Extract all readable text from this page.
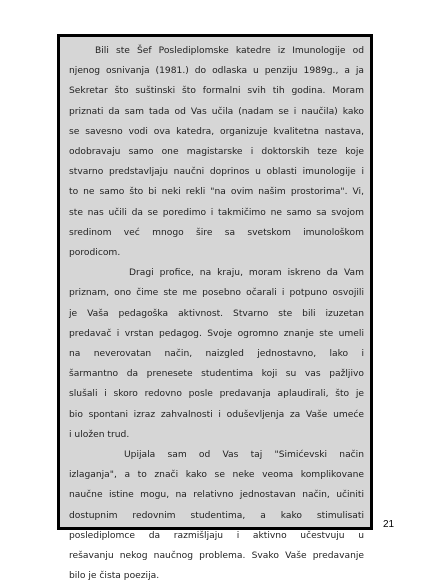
Bili ste Šef Poslediplomske katedre iz Imunologije od
njenog osnivanja (1981.) do odlaska u penziju 1989g., a ja
Sekretar što suštinski što formalni svih tih godina. Moram
priznati da sam tada od Vas učila (nadam se i naučila) kako
se savesno vodi ova katedra, organizuje kvalitetna nastava,
odobravaju samo one magistarske i doktorskih teze koje
stvarno predstavljaju naučni doprinos u oblasti imunologije i
to ne samo što bi neki rekli "na ovim našim prostorima". Vi,
ste nas učili da se poredimo i takmičimo ne samo sa svojom
sredinom već mnogo šire sa svetskom imunološkom
porodicom.

Dragi profice, na kraju, moram iskreno da Vam
priznam, ono čime ste me posebno očarali i potpuno osvojili
je Vaša pedagoška aktivnost. Stvarno ste bili izuzetan
predavač i vrstan pedagog. Svoje ogromno znanje ste umeli
na neverovatan način, naizgled jednostavno, lako i
šarmantno da prenesete studentima koji su vas pažljivo
slušali i skoro redovno posle predavanja aplaudirali, što je
bio spontani izraz zahvalnosti i oduševljenja za Vaše umeće
i uložen trud.

Upijala sam od Vas taj "Simićevski način
izlaganja", a to znači kako se neke veoma komplikovane
naučne istine mogu, na relativno jednostavan način, učiniti
dostupnim redovnim studentima, a kako stimulisati
poslediplomce da razmišljaju i aktivno učestvuju u
rešavanju nekog naučnog problema. Svako Vaše predavanje
bilo je čista poezija.

21
